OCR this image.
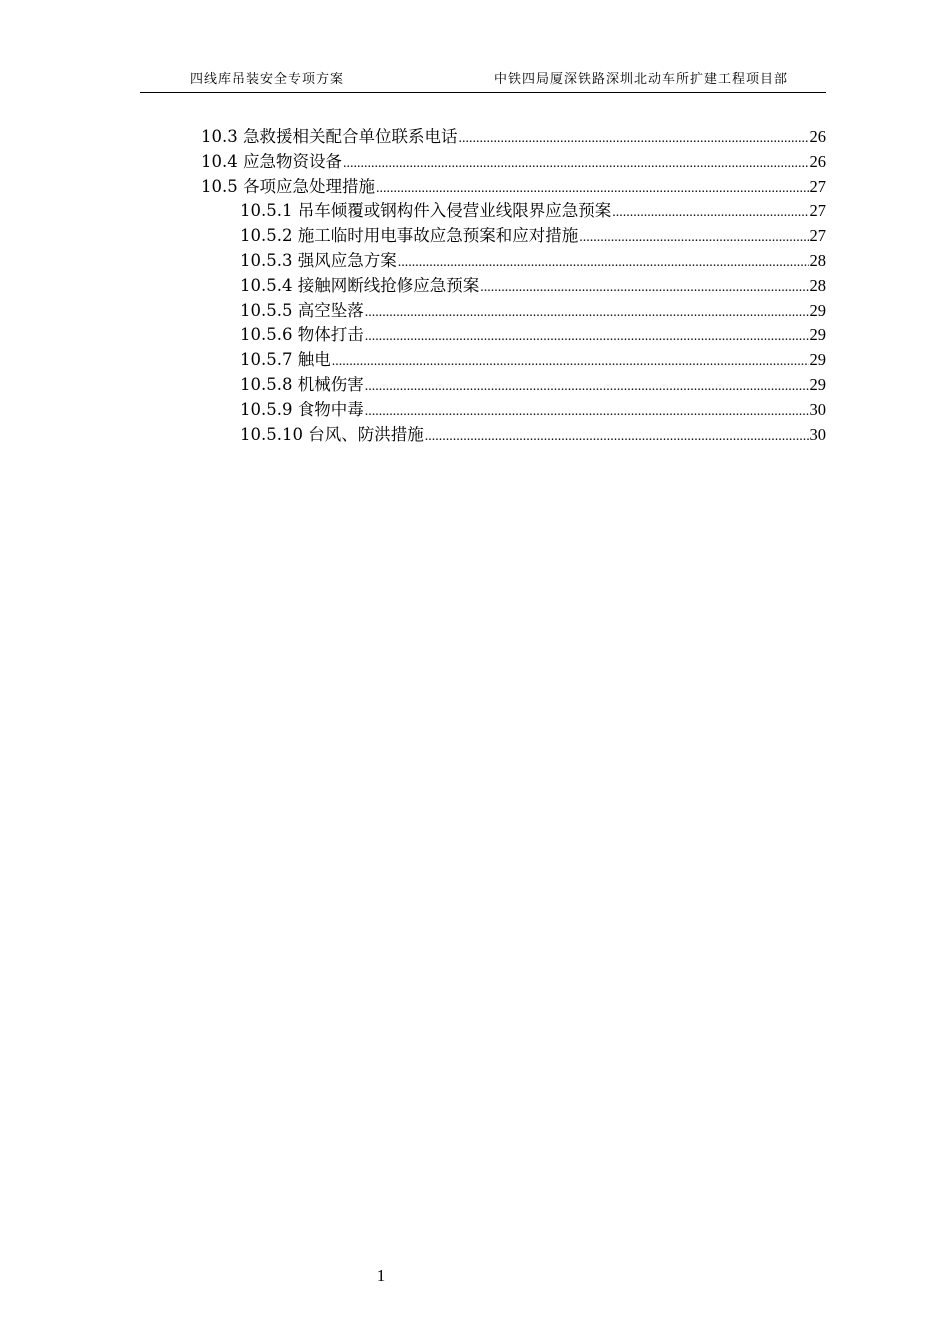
四线库吊装安全专项方案	中铁四局厦深铁路深圳北动车所扩建工程项目部
10.3 急救援相关配合单位联系电话 .....	26
10.4 应急物资设备 .....	26
10.5 各项应急处理措施 .....	27
10.5.1 吊车倾覆或钢构件入侵营业线限界应急预案 .....	27
10.5.2 施工临时用电事故应急预案和应对措施 .....	27
10.5.3 强风应急方案 .....	28
10.5.4 接触网断线抢修应急预案 .....	28
10.5.5 高空坠落 .....	29
10.5.6 物体打击 .....	29
10.5.7 触电 .....	29
10.5.8 机械伤害 .....	29
10.5.9 食物中毒 .....	30
10.5.10 台风、防洪措施 .....	30
1
